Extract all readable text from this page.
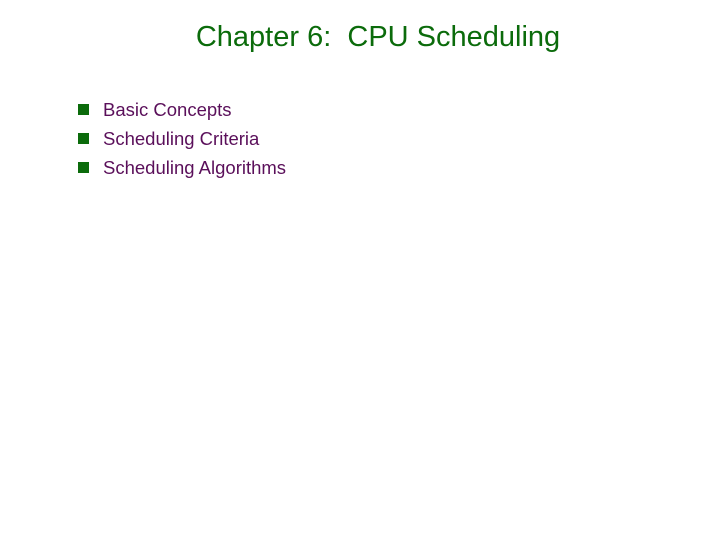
Chapter 6:  CPU Scheduling
Basic Concepts
Scheduling Criteria
Scheduling Algorithms
